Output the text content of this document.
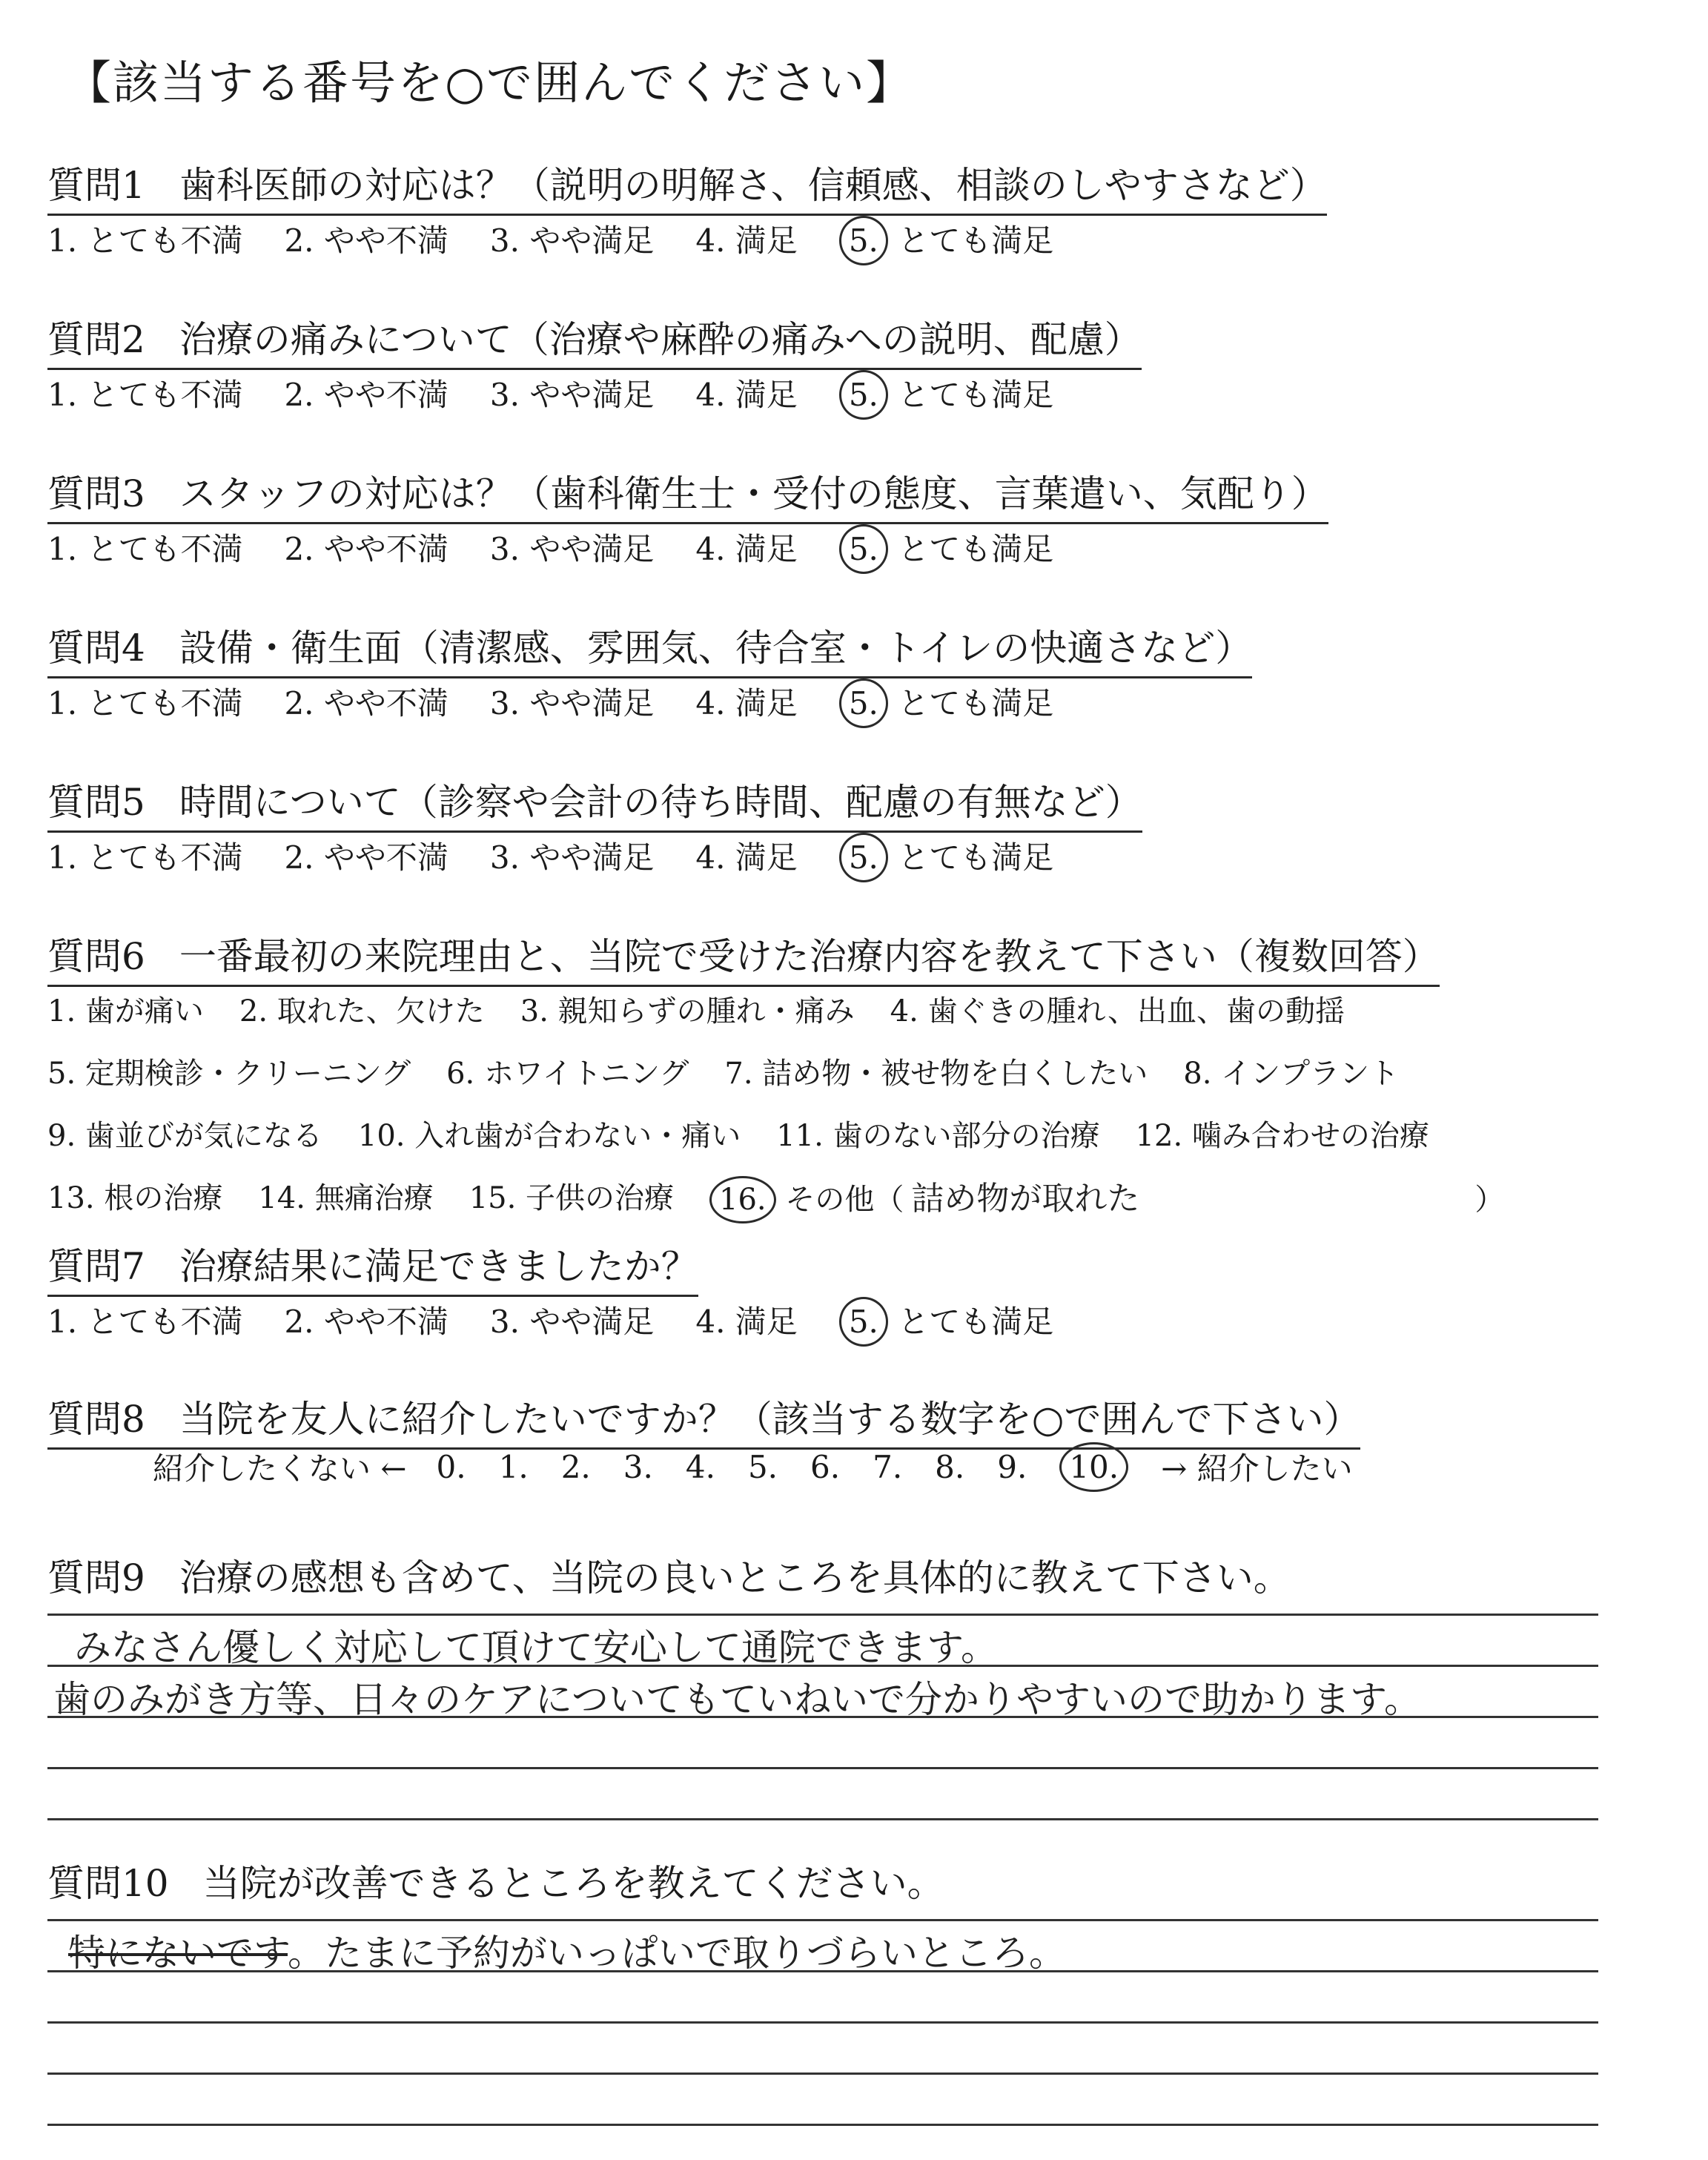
【該当する番号を○で囲んでください】
質問1 歯科医師の対応は？（説明の明解さ、信頼感、相談のしやすさなど）
1. とても不満 2. やや不満 3. やや満足 4. 満足	5. とても満足
質問2 治療の痛みについて（治療や麻酔の痛みへの説明、配慮）
1. とても不満 2. やや不満 3. やや満足 4. 満足	5. とても満足
質問3 スタッフの対応は？（歯科衛生士・受付の態度、言葉遣い、気配り）
1. とても不満 2. やや不満 3. やや満足 4. 満足	5. とても満足
質問4 設備・衛生面（清潔感、雰囲気、待合室・トイレの快適さなど）
1. とても不満 2. やや不満 3. やや満足 4. 満足	5. とても満足
質問5 時間について（診察や会計の待ち時間、配慮の有無など）
1. とても不満 2. やや不満 3. やや満足 4. 満足	5. とても満足
質問6 一番最初の来院理由と、当院で受けた治療内容を教えて下さい（複数回答）
1. 歯が痛い 2. 取れた、欠けた 3. 親知らずの腫れ・痛み 4. 歯ぐきの腫れ、出血、歯の動揺
5. 定期検診・クリーニング 6. ホワイトニング 7. 詰め物・被せ物を白くしたい 8. インプラント
9. 歯並びが気になる 10. 入れ歯が合わない・痛い 11. 歯のない部分の治療 12. 噛み合わせの治療
13. 根の治療 14. 無痛治療 15. 子供の治療	16. その他（ 詰め物が取れた	）
質問7 治療結果に満足できましたか？
1. とても不満 2. やや不満 3. やや満足 4. 満足	5. とても満足
質問8 当院を友人に紹介したいですか？（該当する数字を○で囲んで下さい）
紹介したくない ← 0. 1. 2. 3. 4. 5. 6. 7. 8. 9.	10.	→ 紹介したい
質問9 治療の感想も含めて、当院の良いところを具体的に教えて下さい。
みなさん優しく対応して頂けて安心して通院できます。
歯のみがき方等、日々のケアについてもていねいで分かりやすいので助かります。
質問10 当院が改善できるところを教えてください。
特にないです。たまに予約がいっぱいで取りづらいところ。
